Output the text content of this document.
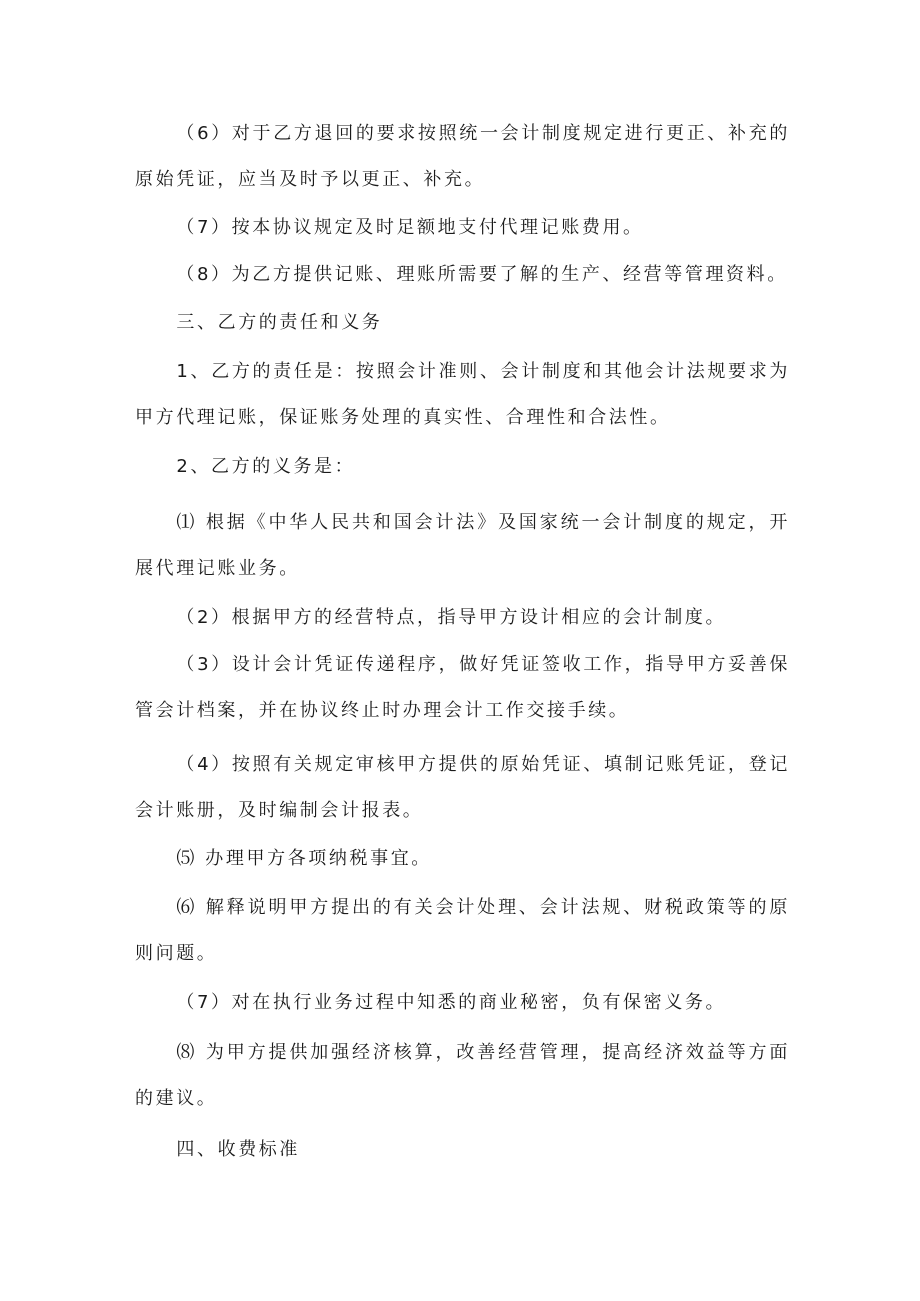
（6）对于乙方退回的要求按照统一会计制度规定进行更正、补充的原始凭证，应当及时予以更正、补充。

（7）按本协议规定及时足额地支付代理记账费用。

（8）为乙方提供记账、理账所需要了解的生产、经营等管理资料。

三、乙方的责任和义务

1、乙方的责任是：按照会计准则、会计制度和其他会计法规要求为甲方代理记账，保证账务处理的真实性、合理性和合法性。

2、乙方的义务是：

⑴ 根据《中华人民共和国会计法》及国家统一会计制度的规定，开展代理记账业务。

（2）根据甲方的经营特点，指导甲方设计相应的会计制度。

（3）设计会计凭证传递程序，做好凭证签收工作，指导甲方妥善保管会计档案，并在协议终止时办理会计工作交接手续。

（4）按照有关规定审核甲方提供的原始凭证、填制记账凭证，登记会计账册，及时编制会计报表。

⑸ 办理甲方各项纳税事宜。

⑹ 解释说明甲方提出的有关会计处理、会计法规、财税政策等的原则问题。

（7）对在执行业务过程中知悉的商业秘密，负有保密义务。

⑻ 为甲方提供加强经济核算，改善经营管理，提高经济效益等方面的建议。

四、收费标准
